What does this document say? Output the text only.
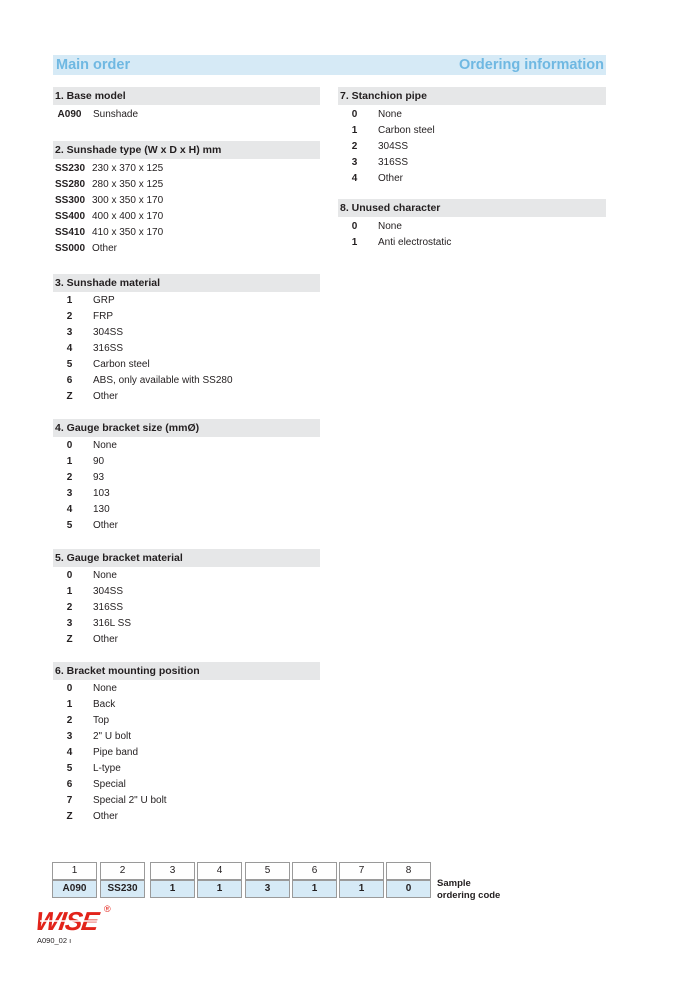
Main order	Ordering information
1. Base model
A090	Sunshade
2. Sunshade type (W x D x H) mm
SS230 230 x 370 x 125
SS280 280 x 350 x 125
SS300 300 x 350 x 170
SS400 400 x 400 x 170
SS410 410 x 350 x 170
SS000 Other
3. Sunshade material
1	GRP
2	FRP
3	304SS
4	316SS
5	Carbon steel
6	ABS, only available with SS280
Z	Other
4. Gauge bracket size (mmØ)
0	None
1	90
2	93
3	103
4	130
5	Other
5. Gauge bracket material
0	None
1	304SS
2	316SS
3	316L SS
Z	Other
6. Bracket mounting position
0	None
1	Back
2	Top
3	2" U bolt
4	Pipe band
5	L-type
6	Special
7	Special 2" U bolt
Z	Other
7. Stanchion pipe
0	None
1	Carbon steel
2	304SS
3	316SS
4	Other
8. Unused character
0	None
1	Anti electrostatic
1	2	3	4	5	6	7	8
A090	SS230	1	1	3	1	1	0	Sample
ordering code
WISE ®
A090_02 ı
